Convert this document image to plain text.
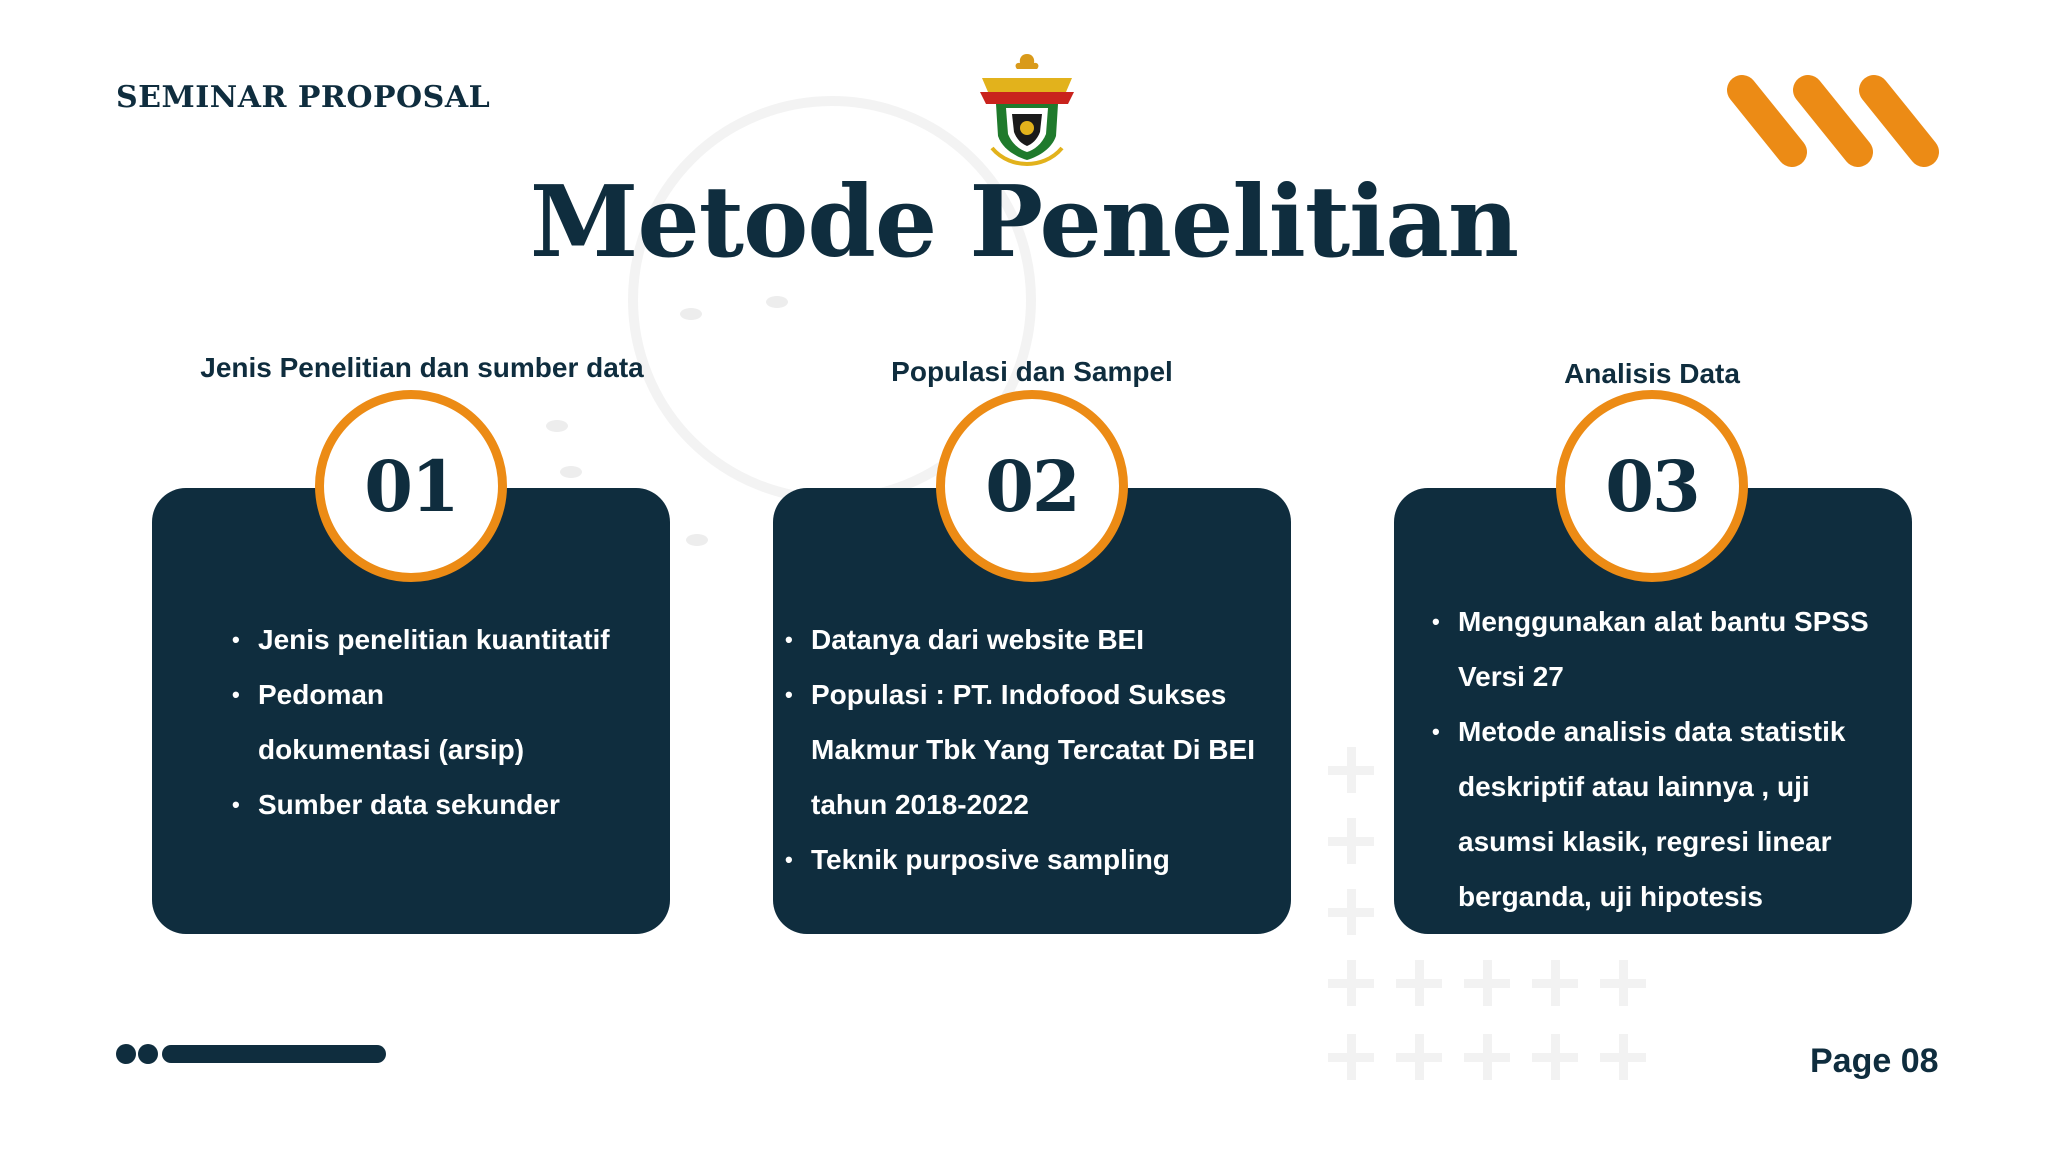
SEMINAR PROPOSAL
Metode Penelitian
Jenis Penelitian dan sumber data
• Jenis penelitian kuantitatif
• Pedoman dokumentasi (arsip)
• Sumber data sekunder
01
Populasi dan Sampel
• Datanya dari website BEI
• Populasi : PT. Indofood Sukses Makmur Tbk Yang Tercatat Di BEI tahun 2018-2022
• Teknik purposive sampling
02
Analisis Data
• Menggunakan alat bantu SPSS Versi 27
• Metode analisis data statistik deskriptif atau lainnya , uji asumsi klasik, regresi linear berganda, uji hipotesis
03
Page 08
